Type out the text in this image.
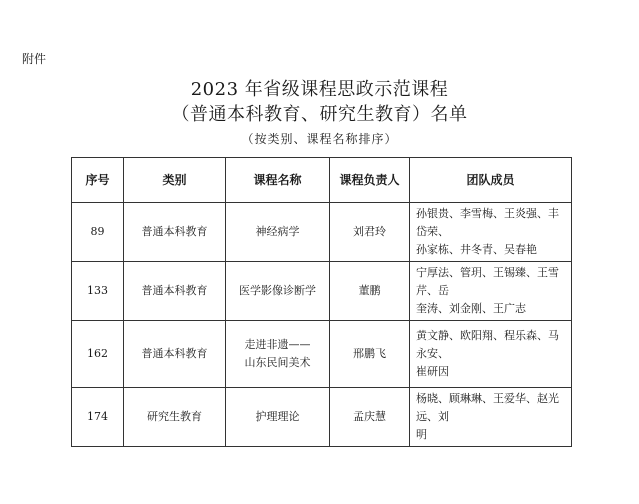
附件
2023 年省级课程思政示范课程
（普通本科教育、研究生教育）名单
（按类别、课程名称排序）
序号	类别	课程名称	课程负责人	团队成员
89	普通本科教育	神经病学	刘君玲	孙银贵、李雪梅、王炎强、丰岱荣、
孙家栋、井冬青、吴春艳

133	普通本科教育	医学影像诊断学	董鹏	宁厚法、管玥、王锡臻、王雪芹、岳
奎涛、刘金刚、王广志

162	普通本科教育	走进非遗——
山东民间美术	邢鹏飞	黄文静、欧阳翔、程乐森、马永安、
崔研因

174	研究生教育	护理理论	孟庆慧	杨晓、顾琳琳、王爱华、赵光远、刘
明
